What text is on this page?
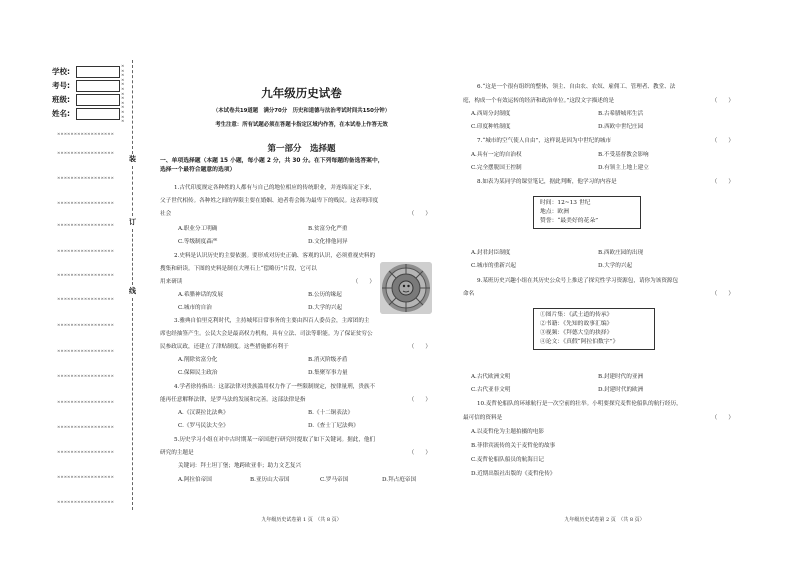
学校:
考号:
班级:
姓名:
×
×
×
×
×
×
×
×
×
×
×
×
×
×××××××××××××××××
×××××××××××××××××
×××××××××××××××××
×××××××××××××××××
×××××××××××××××××
×××××××××××××××××
×××××××××××××××××
×××××××××××××××××
×××××××××××××××××
×××××××××××××××××
×××××××××××××××××
×××××××××××××××××
×××××××××××××××××
×××××××××××××××××
×××××××××××××××××
×××××××××××××××××
装
订
线
九年级历史试卷
（本试卷共19道题　满分70分　历史和道德与法治考试时间共150分钟）
考生注意：所有试题必须在答题卡指定区域内作答，在本试卷上作答无效
第一部分　选择题
一、单项选择题（本题 15 小题，每小题 2 分，共 30 分。在下列每题的备选答案中，
选择一个最符合题意的选项）
1.古代印度规定各种姓的人都有与自己的地位相应的传统职业，并连绵而定下来，
父子世代相传。各种姓之间的界限主要在婚姻、迪者将会陈为最卑下的贱民。这表明印度
社会	（　　）
A.职业分工明确	B.贫富分化严重
C.等级制度森严	D.文化排他同异
2.史料是认识历史的主要依据。要形成对历史正确、客观的认识，必须重视史料的
搜集和研读。下图的史料是制在大理石上“偿略历”片段，它可以
用来研读	（　　）
A.希腊神话的发展	B.公历的缘起
C.城市的自治	D.大学的兴起
3.雅典自伯里克利时代，主持城邦日常事务的主要由四百人委员会，主席团的主
席也经抽签产生。公民大会是最高权力机构，具有立法、司法等职能。为了保证贫穷公
民参政议政，还建立了津贴制度。这些措施都有利于	（　　）
A.削除贫富分化	B.消灭阶级矛盾
C.保障民主政治	D.集聚军事力量
4.学者徐持指出：这部法律对贵族滥用权力作了一些限制规定，按律量刑，贵族不
能再任意解释法律，是罗马法的发展和完善。这部法律是指	（　　）
A.《汉谟拉比法典》	B.《十二铜表法》
C.《罗马民法大全》	D.《查士丁尼法典》
5.历史学习小组在对中古时期某一帝国进行研究时提取了如下关键词。据此，他们
研究的主题是	（　　）
关键词：拜土坦丁堡；地跨欧亚非；助力文艺复兴
A.阿拉伯帝国	B.亚历山大帝国	C.罗马帝国	D.拜占庭帝国
九年级历史试卷第 1 页　（共 8 页）
6.“这是一个很有组织的整体，领主、自由农、农奴、雇佣工、管理者、教堂、法
庭，构成一个有效运转的经济和政治单位。”这段文字描述的是	（　　）
A.西周分封制度	B.古希腊城邦生活
C.印度种姓制度	D.西欧中世纪庄园
7.“城市的空气使人自由”，这样说是因为中世纪的城市	（　　）
A.具有一定的自治权	B.不受基督教会影响
C.完全摆脱国王控制	D.有领主上地上建立
8.如表为某同学的课堂笔记，据此判断，他学习的内容是	（　　）
时间：12~13 世纪
地点：欧洲
赞誉：“最美好的花朵”
A.封君封臣制度	B.西欧庄园的出现
C.城市的重新兴起	D.大学的兴起
9.某班历史兴趣小组在其历史公众号上推送了探究性学习资源包，请你为该资源包
命名	（　　）
①图片集：《武士道的传承》
②书籍：《先知的故事汇编》
③视频：《拜德大皇的抉择》
④论文：《真假“阿拉伯数字”》
A.古代欧洲文明	B.封建时代的亚洲
C.古代亚非文明	D.封建时代的欧洲
10.麦哲伦船队的环球航行是一次空前的壮举。小明要探究麦哲伦船队的航行经历，
最可信的资料是	（　　）
A.以麦哲伦为主题拍摄的电影
B.菲律宾流传的关于麦哲伦的故事
C.麦哲伦船队船员的航海日记
D.近期出版社出版的《麦哲伦传》
九年级历史试卷第 2 页　（共 8 页）
